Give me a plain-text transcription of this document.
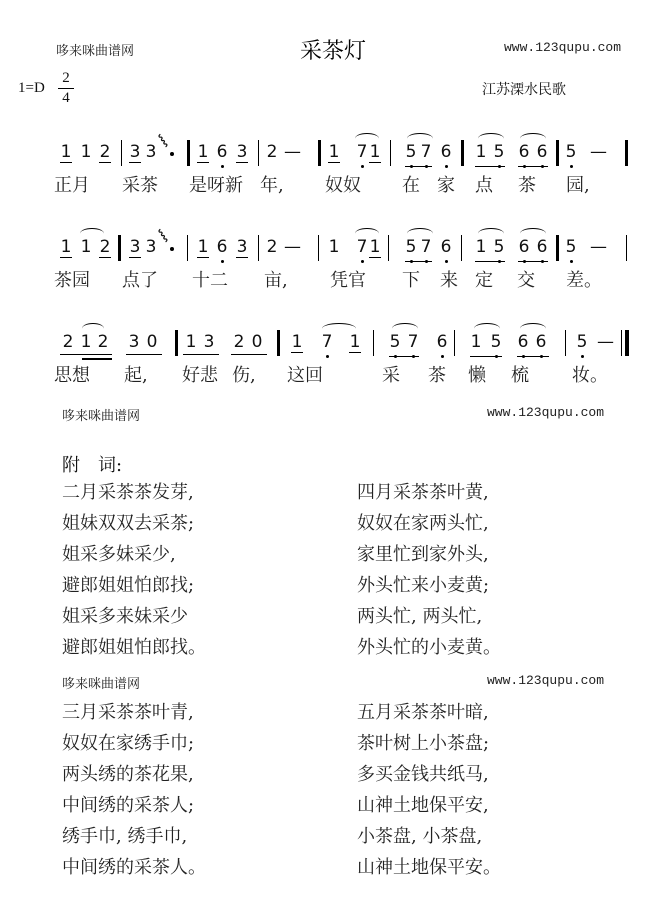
哆来咪曲谱网	采茶灯	www.123qupu.com
1=D
2
4	江苏溧水民歌
1 1 2 3 3
⸾
1 6 3 2 — 1 7 1 5 7 6 1 5 6 6 5 —
正月 采茶 是呀新 年, 奴奴 在 家 点 茶 园,
1 1 2 3 3
⸾
1 6 3 2 — 1 7 1 5 7 6 1 5 6 6 5 —
茶园 点了 十二 亩, 凭官 下 来 定 交 差。
2 1 2 3 0 1 3 2 0 1 7 1 5 7 6 1 5 6 6 5 —
思想 起, 好悲 伤, 这回	采 茶 懒 梳 妆。
哆来咪曲谱网	www.123qupu.com
附　词:
二月采茶茶发芽,
姐妹双双去采茶;
姐采多妹采少,
避郎姐姐怕郎找;
姐采多来妹采少
避郎姐姐怕郎找。
四月采茶茶叶黄,
奴奴在家两头忙,
家里忙到家外头,
外头忙来小麦黄;
两头忙, 两头忙,
外头忙的小麦黄。
哆来咪曲谱网	www.123qupu.com
三月采茶茶叶青,
奴奴在家绣手巾;
两头绣的茶花果,
中间绣的采茶人;
绣手巾, 绣手巾,
中间绣的采茶人。
五月采茶茶叶暗,
茶叶树上小茶盘;
多买金钱共纸马,
山神土地保平安,
小茶盘, 小茶盘,
山神土地保平安。
